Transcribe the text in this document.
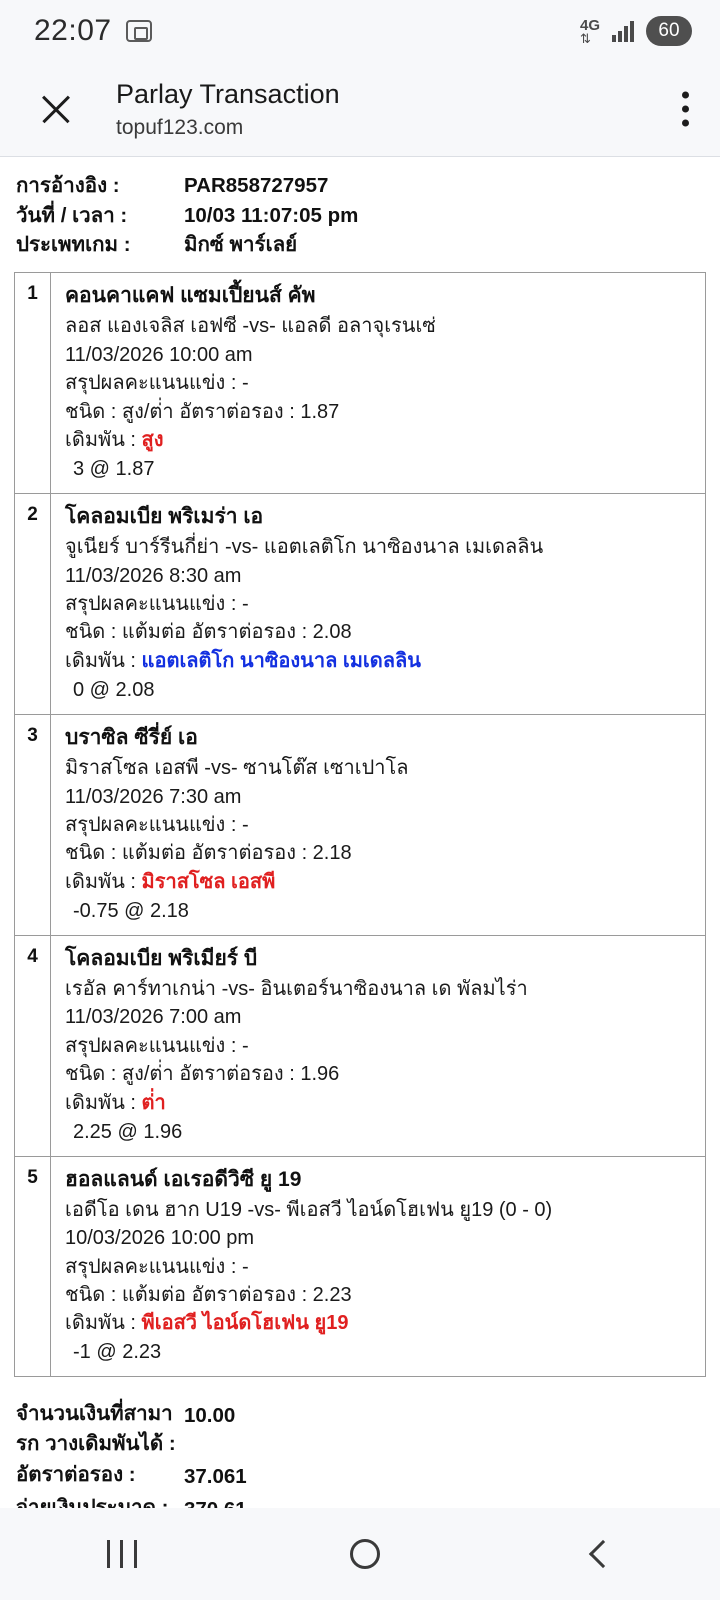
22:07	4G
⇅	60
Parlay Transaction
topuf123.com
การอ้างอิง :	PAR858727957
วันที่ / เวลา :	10/03 11:07:05 pm
ประเพทเกม :	มิกซ์ พาร์เลย์
1	คอนคาแคฟ แซมเปี้ยนส์ คัพ
ลอส แองเจลิส เอฟซี -vs- แอลดี อลาจุเรนเซ่
11/03/2026 10:00 am
สรุปผลคะแนนแข่ง : -
ชนิด : สูง/ต่่า อัตราต่อรอง : 1.87
เดิมพัน : สูง
3 @ 1.87
2	โคลอมเบีย พริเมร่า เอ
จูเนียร์ บาร์รีนกี่ย่า -vs- แอตเลติโก นาซิองนาล เมเดลลิน
11/03/2026 8:30 am
สรุปผลคะแนนแข่ง : -
ชนิด : แต้มต่อ อัตราต่อรอง : 2.08
เดิมพัน : แอตเลติโก นาซิองนาล เมเดลลิน
0 @ 2.08
3	บราซิล ซีรี่ย์ เอ
มิราสโซล เอสพี -vs- ซานโต๊ส เซาเปาโล
11/03/2026 7:30 am
สรุปผลคะแนนแข่ง : -
ชนิด : แต้มต่อ อัตราต่อรอง : 2.18
เดิมพัน : มิราสโซล เอสพี
-0.75 @ 2.18
4	โคลอมเบีย พริเมียร์ บี
เรอัล คาร์ทาเกน่า -vs- อินเตอร์นาซิองนาล เด พัลมไร่า
11/03/2026 7:00 am
สรุปผลคะแนนแข่ง : -
ชนิด : สูง/ต่่า อัตราต่อรอง : 1.96
เดิมพัน : ต่่า
2.25 @ 1.96
5	ฮอลแลนด์ เอเรอดีวิซี ยู 19
เอดีโอ เดน ฮาก U19 -vs- พีเอสวี ไอน์ดโฮเฟน ยู19 (0 - 0)
10/03/2026 10:00 pm
สรุปผลคะแนนแข่ง : -
ชนิด : แต้มต่อ อัตราต่อรอง : 2.23
เดิมพัน : พีเอสวี ไอน์ดโฮเฟน ยู19
-1 @ 2.23
จำนวนเงินที่สามารก วางเดิมพันได้ :
10.00
อัตราต่อรอง :	37.061
